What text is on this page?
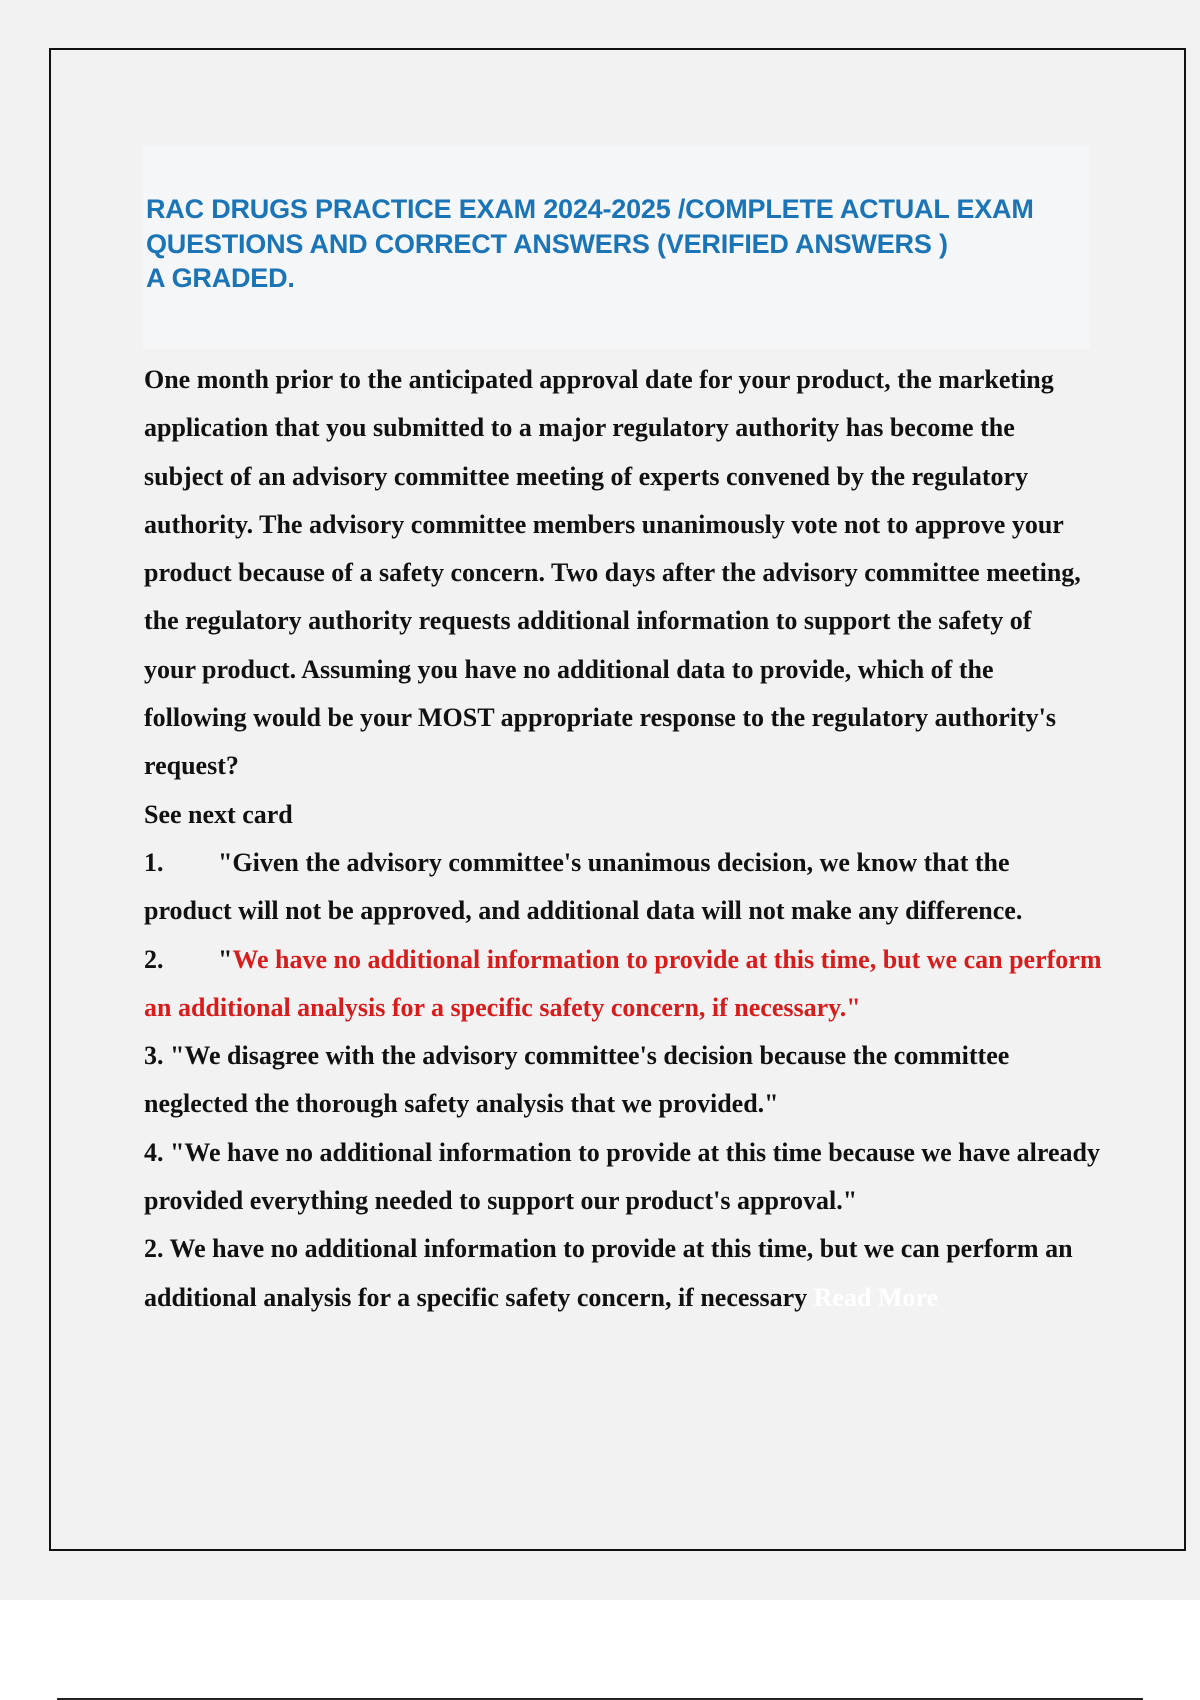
RAC DRUGS PRACTICE EXAM 2024-2025 /COMPLETE ACTUAL EXAM
QUESTIONS AND CORRECT ANSWERS (VERIFIED ANSWERS )
A GRADED.

One month prior to the anticipated approval date for your product, the marketing application that you submitted to a major regulatory authority has become the subject of an advisory committee meeting of experts convened by the regulatory authority. The advisory committee members unanimously vote not to approve your product because of a safety concern. Two days after the advisory committee meeting, the regulatory authority requests additional information to support the safety of your product. Assuming you have no additional data to provide, which of the following would be your MOST appropriate response to the regulatory authority's request?

See next card

1. "Given the advisory committee's unanimous decision, we know that the product will not be approved, and additional data will not make any difference.

2. "We have no additional information to provide at this time, but we can perform an additional analysis for a specific safety concern, if necessary."

3. "We disagree with the advisory committee's decision because the committee neglected the thorough safety analysis that we provided."

4. "We have no additional information to provide at this time because we have already provided everything needed to support our product's approval."

2. We have no additional information to provide at this time, but we can perform an additional analysis for a specific safety concern, if necessary Read More
